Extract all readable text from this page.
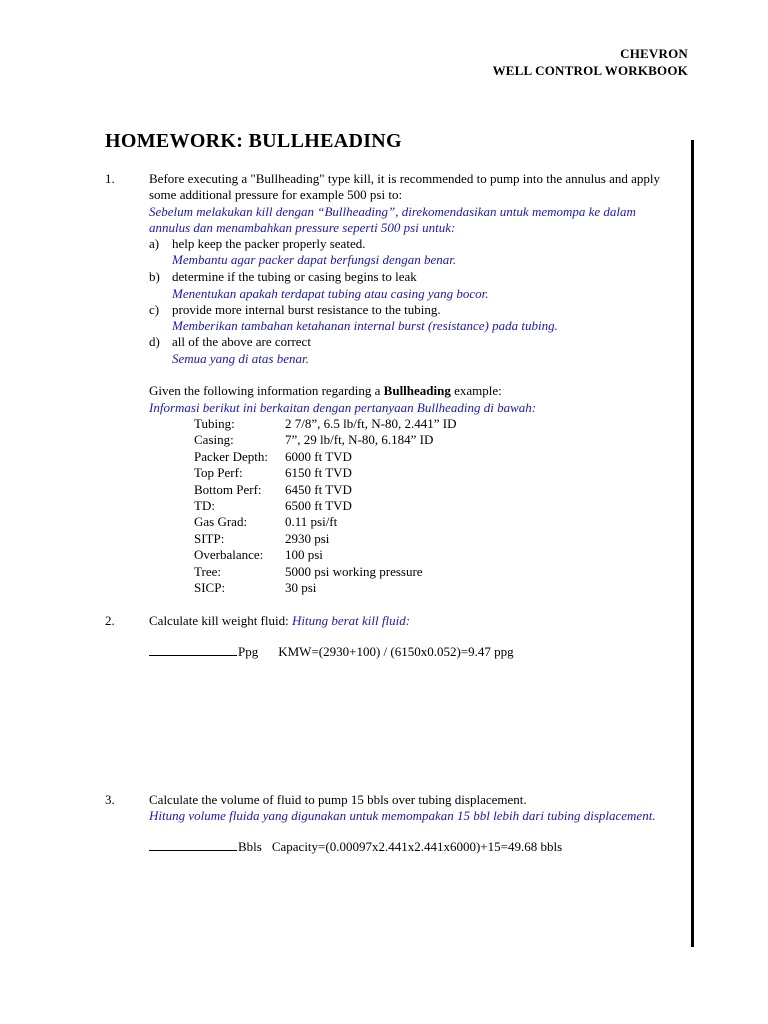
CHEVRON
WELL CONTROL WORKBOOK
HOMEWORK: BULLHEADING
1.	Before executing a "Bullheading" type kill, it is recommended to pump into the annulus and apply
some additional pressure for example 500 psi to:
Sebelum melakukan kill dengan “Bullheading”, direkomendasikan untuk memompa ke dalam
annulus dan menambahkan pressure seperti 500 psi untuk:
a) help keep the packer properly seated.
Membantu agar packer dapat berfungsi dengan benar.
b) determine if the tubing or casing begins to leak
Menentukan apakah terdapat tubing atau casing yang bocor.
c) provide more internal burst resistance to the tubing.
Memberikan tambahan ketahanan internal burst (resistance) pada tubing.
d) all of the above are correct
Semua yang di atas benar.
Given the following information regarding a Bullheading example:
Informasi berikut ini berkaitan dengan pertanyaan Bullheading di bawah:
Tubing:	2 7/8”, 6.5 lb/ft, N-80, 2.441” ID
Casing:	7”, 29 lb/ft, N-80, 6.184” ID
Packer Depth: 6000 ft TVD
Top Perf:	6150 ft TVD
Bottom Perf: 6450 ft TVD
TD:	6500 ft TVD
Gas Grad:	0.11 psi/ft
SITP:	2930 psi
Overbalance: 100 psi
Tree:	5000 psi working pressure
SICP:	30 psi
2.	Calculate kill weight fluid: Hitung berat kill fluid:
Ppg KMW=(2930+100) / (6150x0.052)=9.47 ppg
3.	Calculate the volume of fluid to pump 15 bbls over tubing displacement.
Hitung volume fluida yang digunakan untuk memompakan 15 bbl lebih dari tubing displacement.
Bbls Capacity=(0.00097x2.441x2.441x6000)+15=49.68 bbls
